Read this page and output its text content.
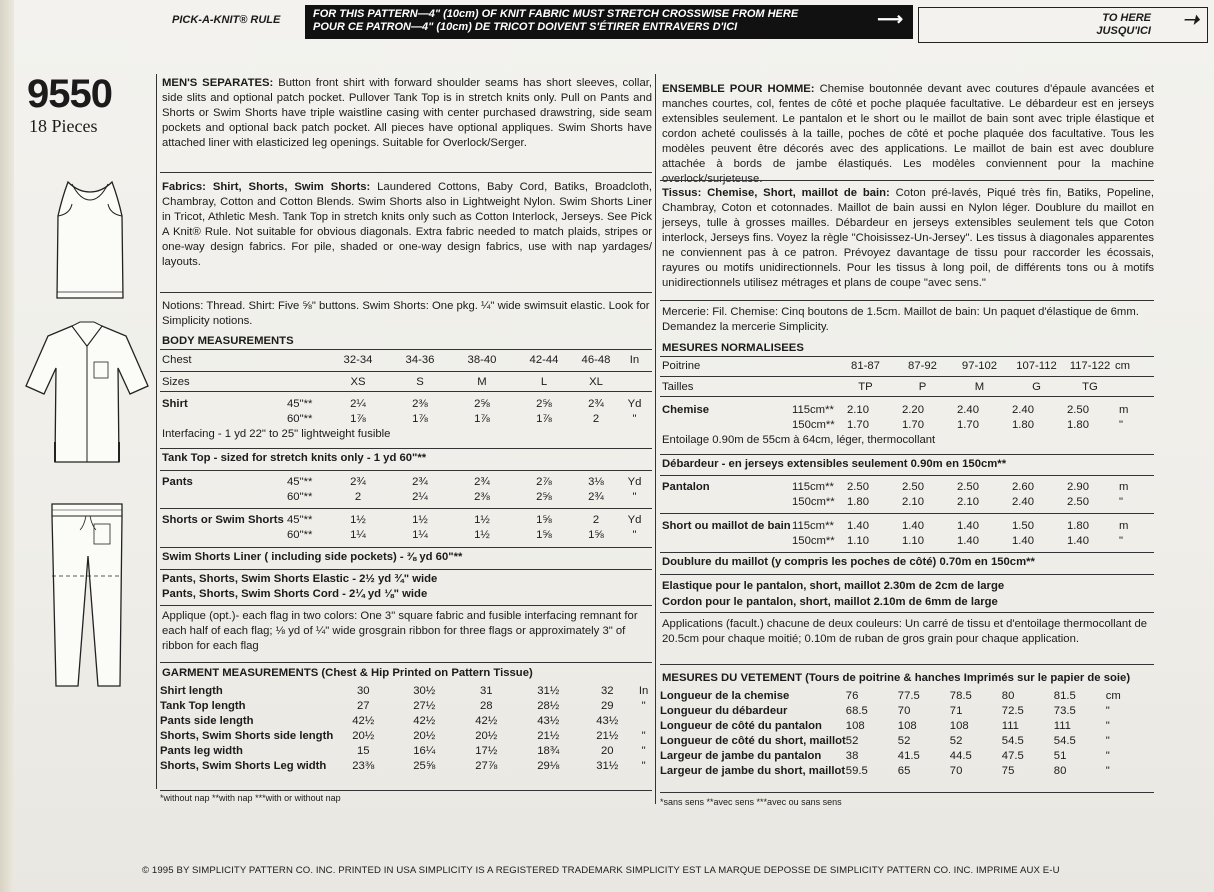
PICK-A-KNIT® RULE	FOR THIS PATTERN—4" (10cm) OF KNIT FABRIC MUST STRETCH CROSSWISE FROM HERE
POUR CE PATRON—4" (10cm) DE TRICOT DOIVENT S'ÉTIRER ENTRAVERS D'ICI	⟶	TO HERE
JUSQU'ICI ➝
9550
18 Pieces

MEN'S SEPARATES: Button front shirt with forward shoulder seams has short sleeves, collar, side slits and optional patch pocket. Pullover Tank Top is in stretch knits only. Pull on Pants and Shorts or Swim Shorts have triple waistline casing with center purchased drawstring, side seam pockets and optional back patch pocket. All pieces have optional appliques. Swim Shorts have attached liner with elasticized leg openings. Suitable for Overlock/Serger.

Fabrics: Shirt, Shorts, Swim Shorts: Laundered Cottons, Baby Cord, Batiks, Broadcloth, Chambray, Cotton and Cotton Blends. Swim Shorts also in Lightweight Nylon. Swim Shorts Liner in Tricot, Athletic Mesh. Tank Top in stretch knits only such as Cotton Interlock, Jerseys. See Pick A Knit® Rule. Not suitable for obvious diagonals. Extra fabric needed to match plaids, stripes or one-way design fabrics. For pile, shaded or one-way design fabrics, use with nap yardages/ layouts.

Notions: Thread. Shirt: Five ⅝" buttons. Swim Shorts: One pkg. ¼" wide swimsuit elastic. Look for Simplicity notions.
BODY MEASUREMENTS
Chest		32-34	34-36	38-40	42-44	46-48	In
Sizes		XS	S	M	L	XL	
Shirt	45"**	2¼	2⅜	2⅝	2⅝	2¾	Yd
	60"**	1⅞	1⅞	1⅞	1⅞	2	"
Interfacing - 1 yd 22" to 25" lightweight fusible							
Tank Top - sized for stretch knits only - 1 yd 60"**
Pants	45"**	2¾	2¾	2¾	2⅞	3⅛	Yd
	60"**	2	2¼	2⅜	2⅝	2¾	"
Shorts or Swim Shorts	45"**	1½	1½	1½	1⅝	2	Yd
	60"**	1¼	1¼	1½	1⅝	1⅝	"
Swim Shorts Liner ( including side pockets) - ⅜ yd 60"**
Pants, Shorts, Swim Shorts Elastic - 2½ yd ¾" wide
Pants, Shorts, Swim Shorts Cord - 2¼ yd ⅛" wide
Applique (opt.)- each flag in two colors: One 3" square fabric and fusible interfacing remnant for each half of each flag; ⅛ yd of ¼" wide grosgrain ribbon for three flags or approximately 3" of ribbon for each flag
GARMENT MEASUREMENTS (Chest & Hip Printed on Pattern Tissue)
Shirt length	30	30½	31	31½	32	In
Tank Top length	27	27½	28	28½	29	"
Pants side length	42½	42½	42½	43½	43½	
Shorts, Swim Shorts side length	20½	20½	20½	21½	21½	"
Pants leg width	15	16¼	17½	18¾	20	"
Shorts, Swim Shorts Leg width	23⅜	25⅝	27⅞	29⅛	31½	"
*without nap **with nap ***with or without nap

ENSEMBLE POUR HOMME: Chemise boutonnée devant avec coutures d'épaule avancées et manches courtes, col, fentes de côté et poche plaquée facultative. Le débardeur est en jerseys extensibles seulement. Le pantalon et le short ou le maillot de bain sont avec triple élastique et cordon acheté coulissés à la taille, poches de côté et poche plaquée dos facultative. Tous les modèles peuvent être décorés avec des applications. Le maillot de bain est avec doublure attachée à bords de jambe élastiqués. Les modèles conviennent pour la machine overlock/surjeteuse.

Tissus: Chemise, Short, maillot de bain: Coton pré-lavés, Piqué très fin, Batiks, Popeline, Chambray, Coton et cotonnades. Maillot de bain aussi en Nylon léger. Doublure du maillot en jerseys, tulle à grosses mailles. Débardeur en jerseys extensibles seulement tels que Coton interlock, Jerseys fins. Voyez la règle "Choisissez-Un-Jersey". Les tissus à diagonales apparentes ne conviennent pas à ce patron. Prévoyez davantage de tissu pour raccorder les écossais, rayures ou motifs unidirectionnels. Pour les tissus à long poil, de différents tons ou à motifs unidirectionnels utilisez métrages et plans de coupe "avec sens."

Mercerie: Fil. Chemise: Cinq boutons de 1.5cm. Maillot de bain: Un paquet d'élastique de 6mm. Demandez la mercerie Simplicity.
MESURES NORMALISEES
Poitrine		81-87	87-92	97-102	107-112	117-122	cm
Tailles		TP	P	M	G	TG	
Chemise	115cm**	2.10	2.20	2.40	2.40	2.50	m
	150cm**	1.70	1.70	1.70	1.80	1.80	"
Entoilage 0.90m de 55cm à 64cm, léger, thermocollant							
Débardeur - en jerseys extensibles seulement 0.90m en 150cm**
Pantalon	115cm**	2.50	2.50	2.50	2.60	2.90	m
	150cm**	1.80	2.10	2.10	2.40	2.50	"
Short ou maillot de bain	115cm**	1.40	1.40	1.40	1.50	1.80	m
	150cm**	1.10	1.10	1.40	1.40	1.40	"
Doublure du maillot (y compris les poches de côté) 0.70m en 150cm**
Elastique pour le pantalon, short, maillot 2.30m de 2cm de large
Cordon pour le pantalon, short, maillot 2.10m de 6mm de large
Applications (facult.) chacune de deux couleurs: Un carré de tissu et d'entoilage thermocollant de 20.5cm pour chaque moitié; 0.10m de ruban de gros grain pour chaque application.
MESURES DU VETEMENT (Tours de poitrine & hanches Imprimés sur le papier de soie)
Longueur de la chemise	76	77.5	78.5	80	81.5	cm
Longueur du débardeur	68.5	70	71	72.5	73.5	"
Longueur de côté du pantalon	108	108	108	111	111	"
Longueur de côté du short, maillot	52	52	52	54.5	54.5	"
Largeur de jambe du pantalon	38	41.5	44.5	47.5	51	"
Largeur de jambe du short, maillot	59.5	65	70	75	80	"
*sans sens **avec sens ***avec ou sans sens
© 1995 BY SIMPLICITY PATTERN CO. INC. PRINTED IN USA SIMPLICITY IS A REGISTERED TRADEMARK SIMPLICITY EST LA MARQUE DEPOSSE DE SIMPLICITY PATTERN CO. INC. IMPRIME AUX E-U
